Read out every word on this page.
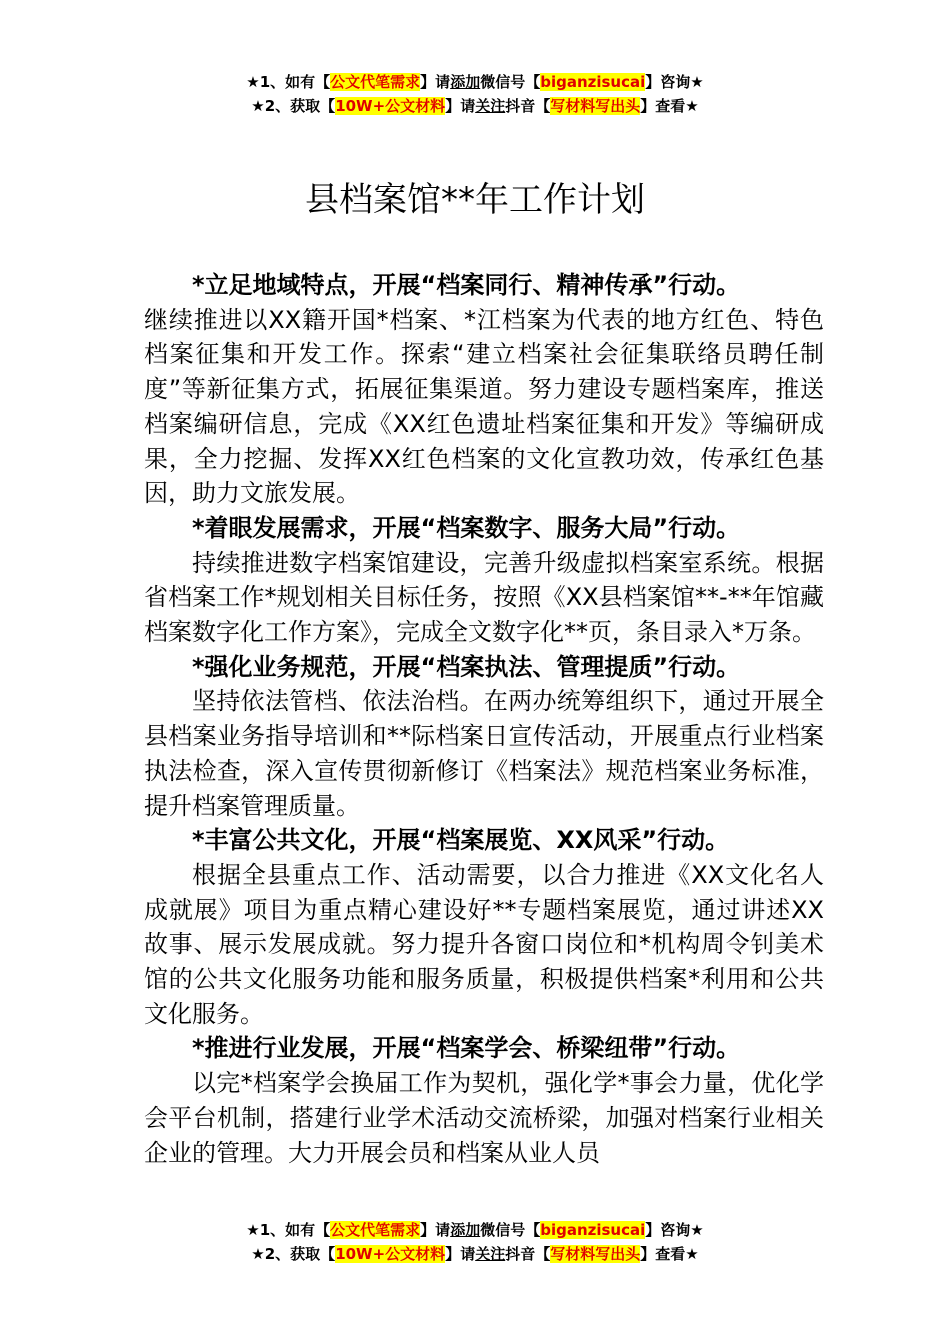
★1、如有【公文代笔需求】请添加微信号【biganzisucai】咨询★
★2、获取【10W+公文材料】请关注抖音【写材料写出头】查看★
县档案馆**年工作计划

*立足地域特点，开展“档案同行、精神传承”行动。

继续推进以XX籍开国*档案、*江档案为代表的地方红色、特色档案征集和开发工作。探索“建立档案社会征集联络员聘任制度”等新征集方式，拓展征集渠道。努力建设专题档案库，推送档案编研信息，完成《XX红色遗址档案征集和开发》等编研成果，全力挖掘、发挥XX红色档案的文化宣教功效，传承红色基因，助力文旅发展。

*着眼发展需求，开展“档案数字、服务大局”行动。

持续推进数字档案馆建设，完善升级虚拟档案室系统。根据省档案工作*规划相关目标任务，按照《XX县档案馆**-**年馆藏档案数字化工作方案》，完成全文数字化**页，条目录入*万条。

*强化业务规范，开展“档案执法、管理提质”行动。

坚持依法管档、依法治档。在两办统筹组织下，通过开展全县档案业务指导培训和**际档案日宣传活动，开展重点行业档案执法检查，深入宣传贯彻新修订《档案法》规范档案业务标准，提升档案管理质量。

*丰富公共文化，开展“档案展览、XX风采”行动。

根据全县重点工作、活动需要，以合力推进《XX文化名人成就展》项目为重点精心建设好**专题档案展览，通过讲述XX故事、展示发展成就。努力提升各窗口岗位和*机构周令钊美术馆的公共文化服务功能和服务质量，积极提供档案*利用和公共文化服务。

*推进行业发展，开展“档案学会、桥梁纽带”行动。

以完*档案学会换届工作为契机，强化学*事会力量，优化学会平台机制，搭建行业学术活动交流桥梁，加强对档案行业相关企业的管理。大力开展会员和档案从业人员

★1、如有【公文代笔需求】请添加微信号【biganzisucai】咨询★
★2、获取【10W+公文材料】请关注抖音【写材料写出头】查看★
